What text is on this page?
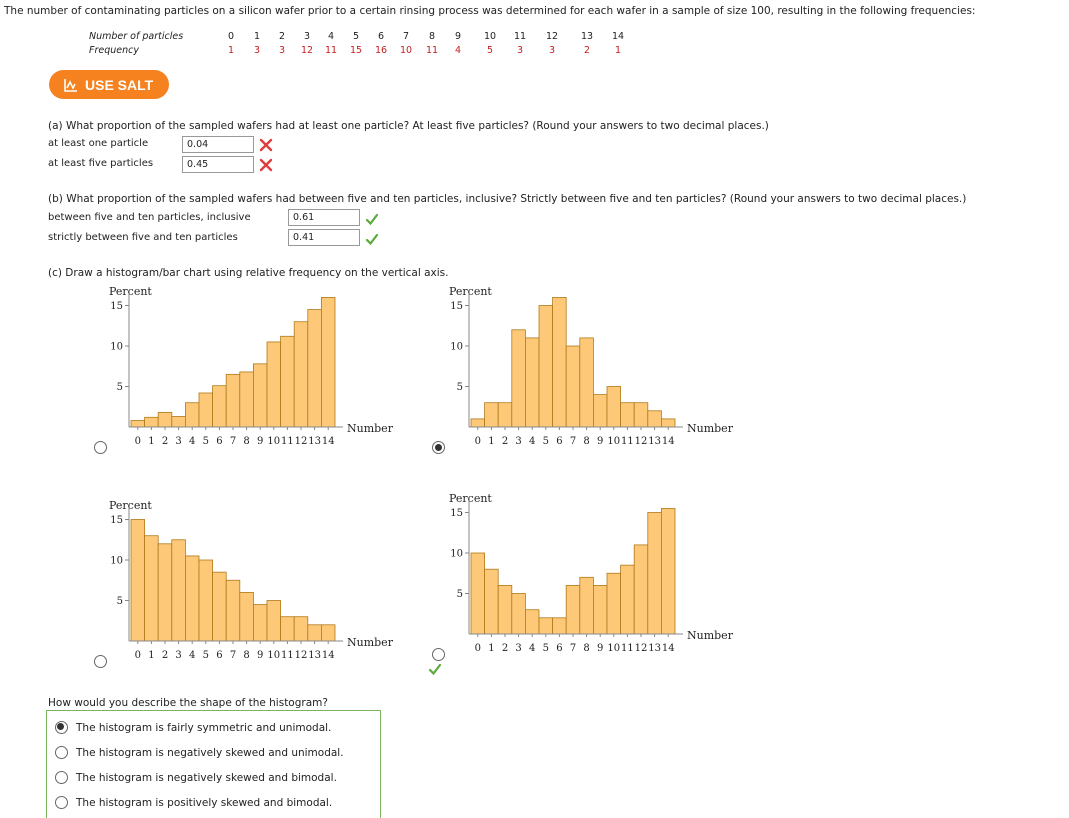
The number of contaminating particles on a silicon wafer prior to a certain rinsing process was determined for each wafer in a sample of size 100, resulting in the following frequencies:
Number of particles
Frequency
0
1
1
3
2
3
3
12
4
11
5
15
6
16
7
10
8
11
9
4
10
5
11
3
12
3
13
2
14
1
USE SALT
(a) What proportion of the sampled wafers had at least one particle? At least five particles? (Round your answers to two decimal places.)
at least one particle
0.04
at least five particles
0.45
(b) What proportion of the sampled wafers had between five and ten particles, inclusive? Strictly between five and ten particles? (Round your answers to two decimal places.)
between five and ten particles, inclusive
0.61
strictly between five and ten particles
0.41
(c) Draw a histogram/bar chart using relative frequency on the vertical axis.
Percent
5
10
15
0 1 2 3 4 5 6 7 8 9 10 11 12 13 14
Number
Percent
5
10
15
0 1 2 3 4 5 6 7 8 9 10 11 12 13 14
Number
Percent
5
10
15
0 1 2 3 4 5 6 7 8 9 10 11 12 13 14
Number
Percent
5
10
15
0 1 2 3 4 5 6 7 8 9 10 11 12 13 14
Number
How would you describe the shape of the histogram?
The histogram is fairly symmetric and unimodal.
The histogram is negatively skewed and unimodal.
The histogram is negatively skewed and bimodal.
The histogram is positively skewed and bimodal.
